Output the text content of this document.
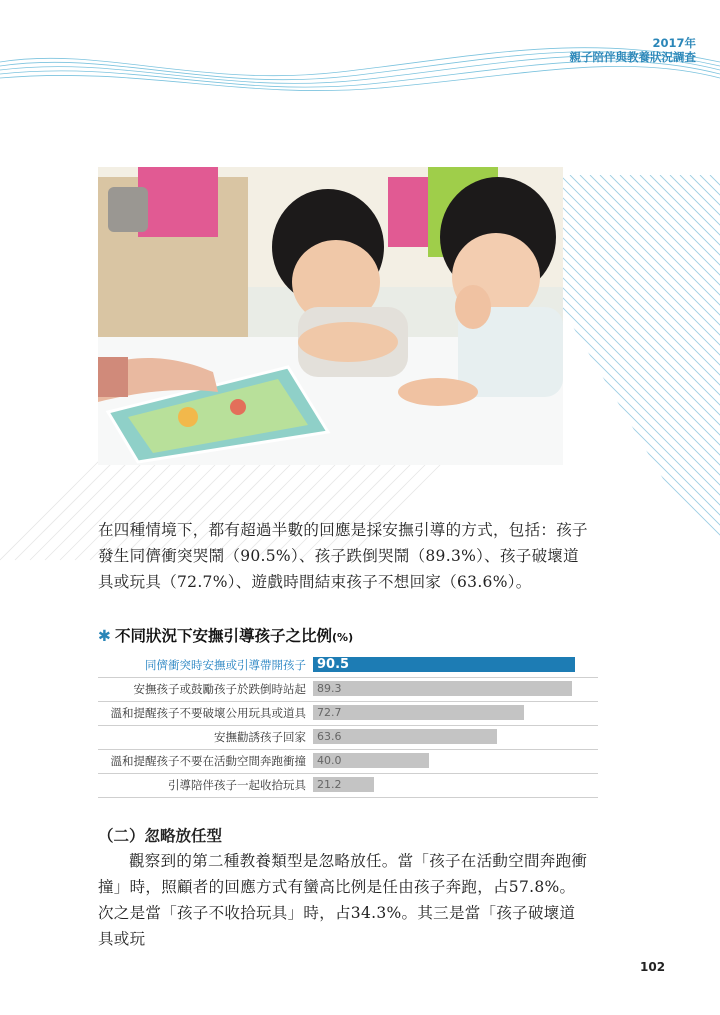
2017年
親子陪伴與教養狀況調查
在四種情境下，都有超過半數的回應是採安撫引導的方式，包括：孩子發生同儕衝突哭鬧（90.5%）、孩子跌倒哭鬧（89.3%）、孩子破壞道具或玩具（72.7%）、遊戲時間結束孩子不想回家（63.6%）。
✱ 不同狀況下安撫引導孩子之比例(%)
同儕衝突時安撫或引導帶開孩子 90.5
安撫孩子或鼓勵孩子於跌倒時站起	89.3
溫和提醒孩子不要破壞公用玩具或道具	72.7
安撫勸誘孩子回家	63.6
溫和提醒孩子不要在活動空間奔跑衝撞	40.0
引導陪伴孩子一起收拾玩具	21.2
（二）忽略放任型
觀察到的第二種教養類型是忽略放任。當「孩子在活動空間奔跑衝撞」時，照顧者的回應方式有蠻高比例是任由孩子奔跑，占57.8%。次之是當「孩子不收拾玩具」時，占34.3%。其三是當「孩子破壞道具或玩
102
